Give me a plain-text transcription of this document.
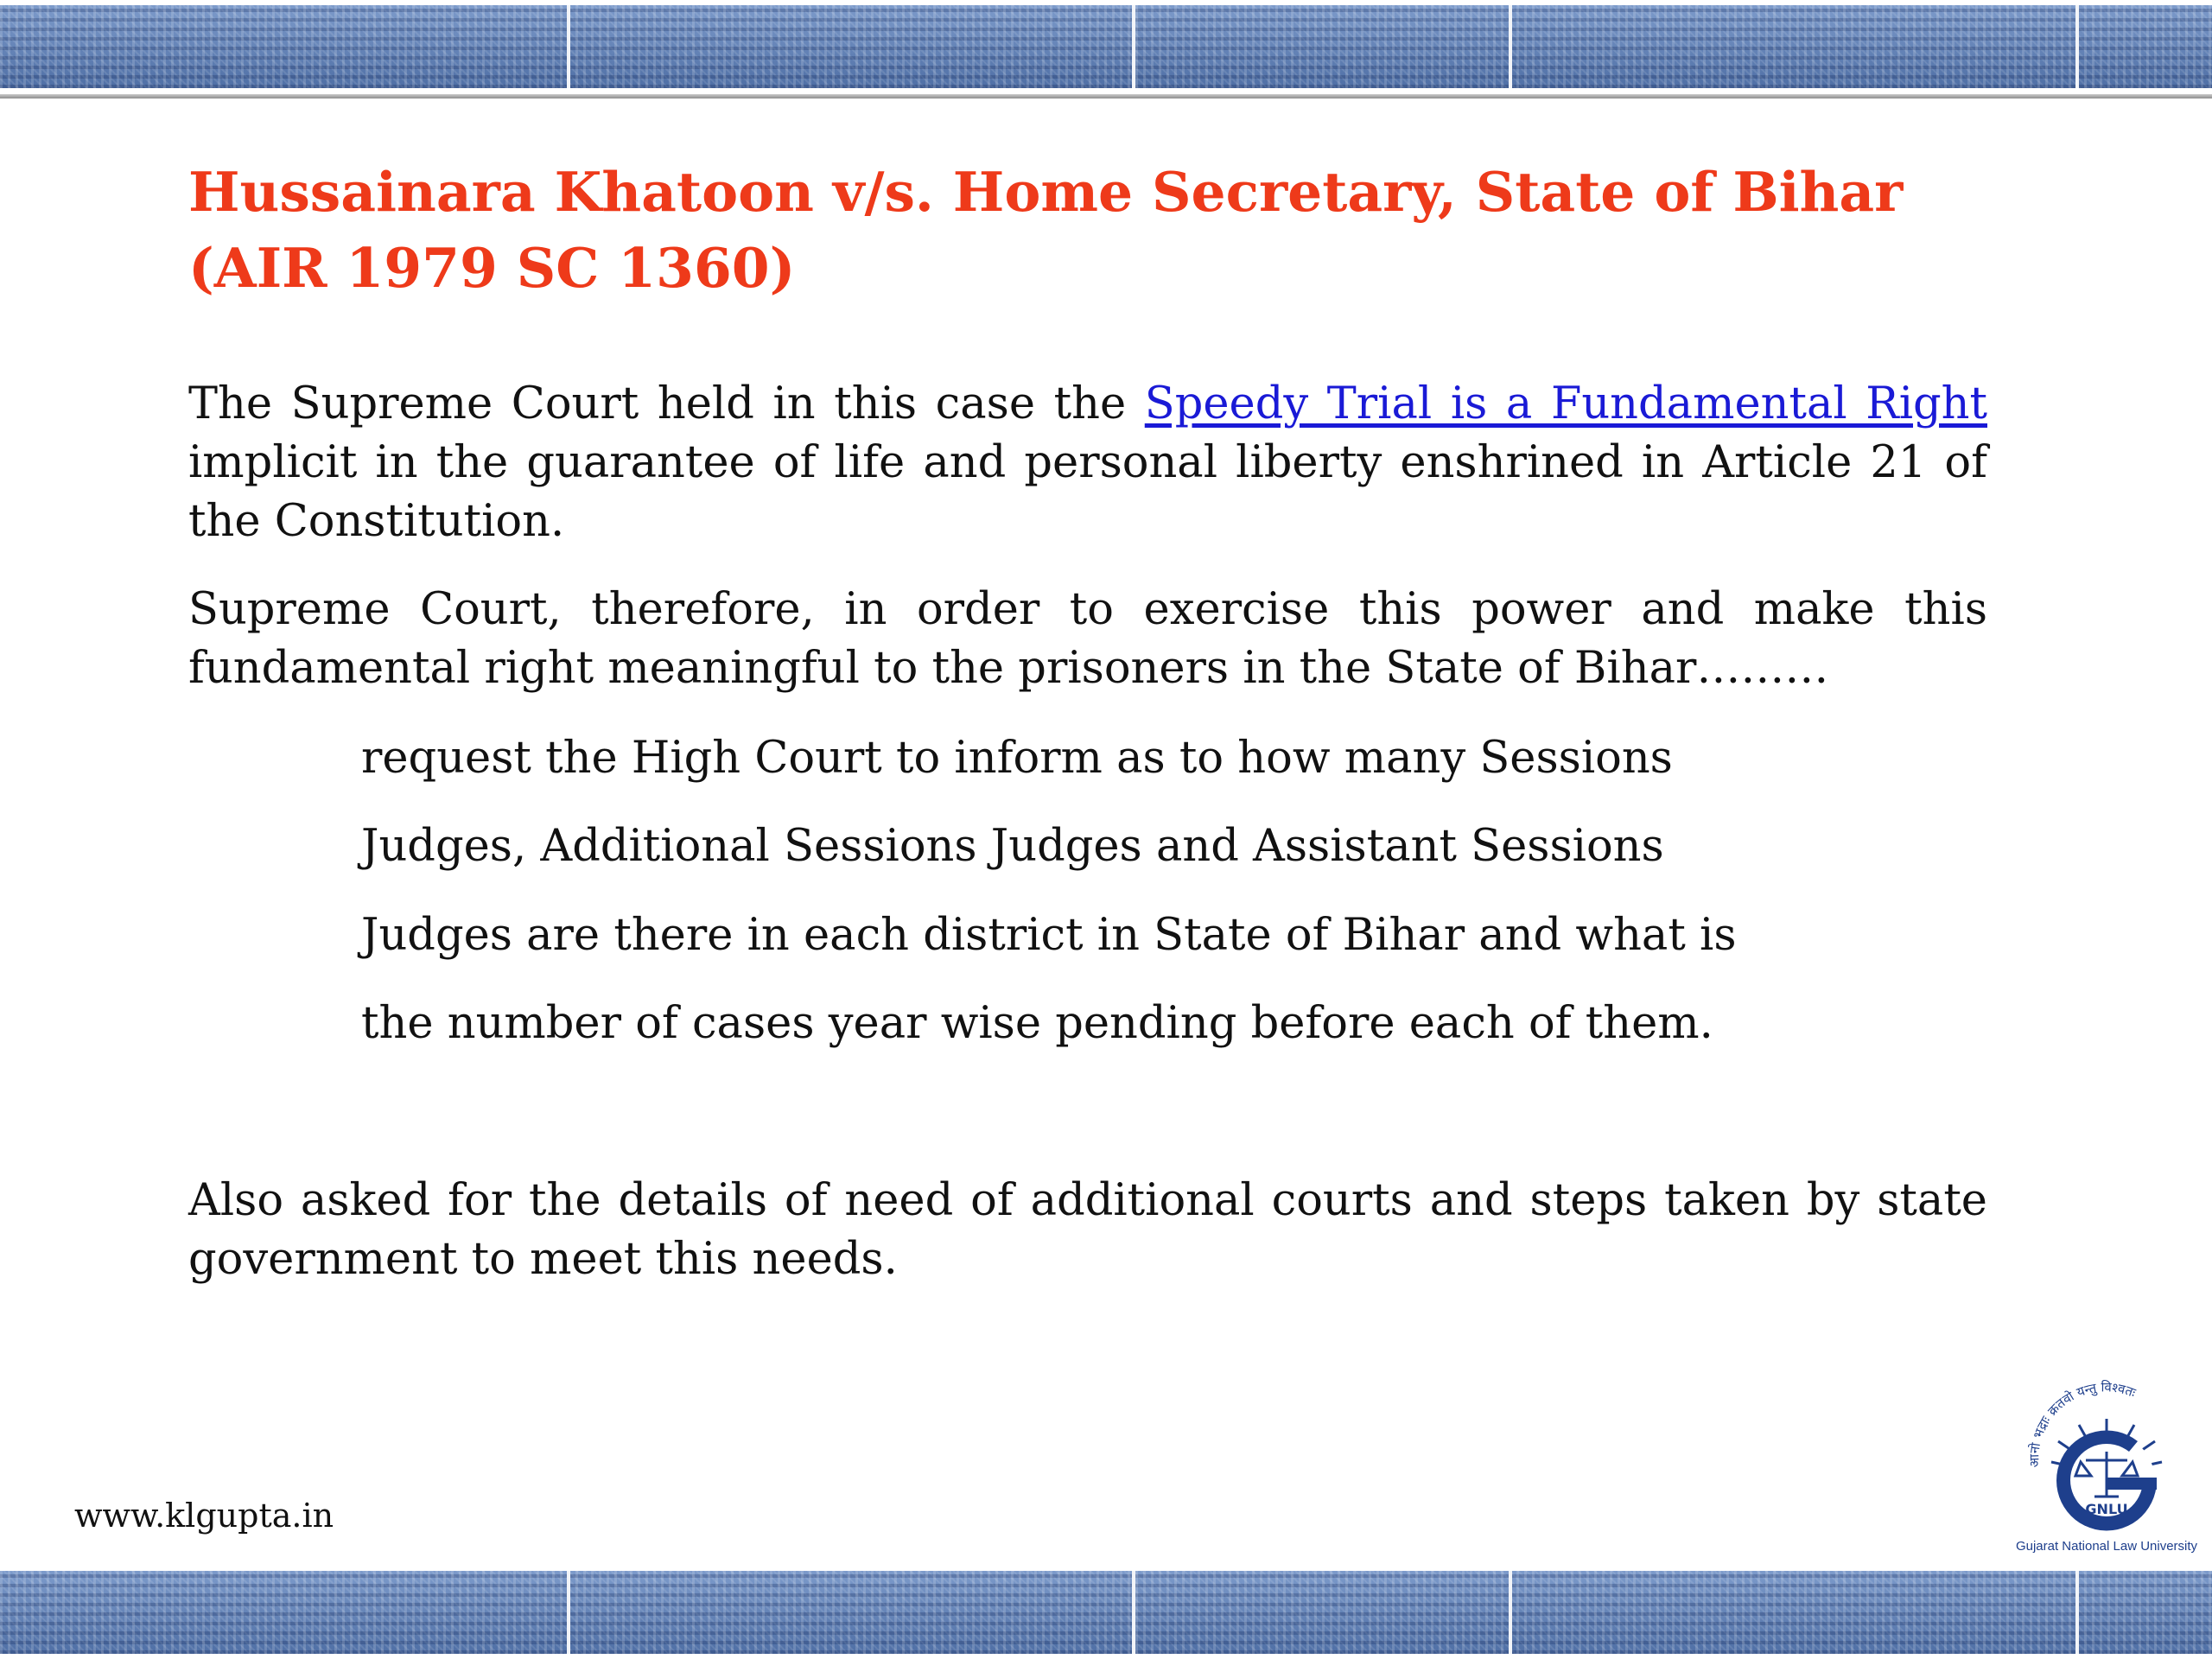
Hussainara Khatoon v/s. Home Secretary, State of Bihar
(AIR 1979 SC 1360)

The Supreme Court held in this case the Speedy Trial is a Fundamental Right implicit in the guarantee of life and personal liberty enshrined in Article 21 of the Constitution.

Supreme Court, therefore, in order to exercise this power and make this fundamental right meaningful to the prisoners in the State of Bihar………

request the High Court to inform as to how many Sessions

Judges, Additional Sessions Judges and Assistant Sessions

Judges are there in each district in State of Bihar and what is

the number of cases year wise pending before each of them.

Also asked for the details of need of additional courts and steps taken by state government to meet this needs.

www.klgupta.in
आनो भद्राः क्रतवो यन्तु विश्वतः
GNLU
Gujarat National Law University
